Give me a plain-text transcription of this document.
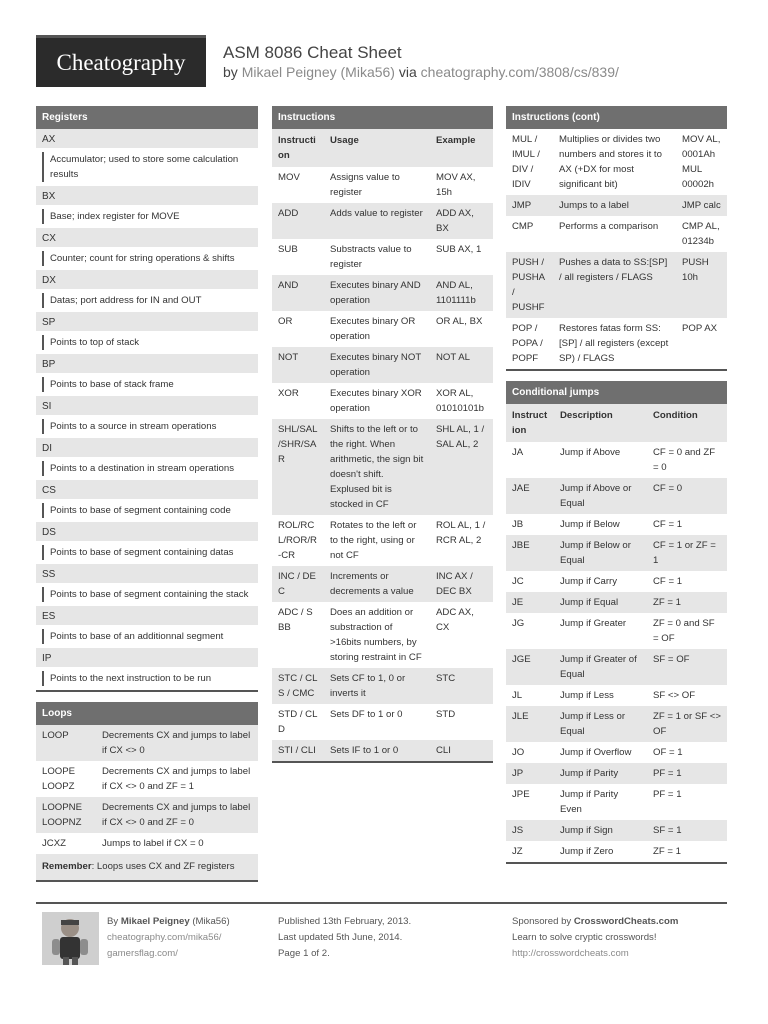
Cheatography	ASM 8086 Cheat Sheet
by Mikael Peigney (Mika56) via cheatography.com/3808/cs/839/
Registers
AX
Accumulator; used to store some calculation results
BX
Base; index register for MOVE
CX
Counter; count for string operations & shifts
DX
Datas; port address for IN and OUT
SP
Points to top of stack
BP
Points to base of stack frame
SI
Points to a source in stream operations
DI
Points to a destination in stream operations
CS
Points to base of segment containing code
DS
Points to base of segment containing datas
SS
Points to base of segment containing the stack
ES
Points to base of an additionnal segment
IP
Points to the next instruction to be run
Loops
LOOP	Decrements CX and jumps to label if CX <> 0
LOOPE
LOOPZ	Decrements CX and jumps to label if CX <> 0 and ZF = 1
LOOPNE
LOOPNZ	Decrements CX and jumps to label if CX <> 0 and ZF = 0
JCXZ	Jumps to label if CX = 0
Remember: Loops uses CX and ZF registers
Instructions
Instruction	Usage	Example
MOV	Assigns value to register	MOV AX, 15h
ADD	Adds value to register	ADD AX, BX
SUB	Substracts value to register	SUB AX, 1
AND	Executes binary AND operation	AND AL, 1101111b
OR	Executes binary OR operation	OR AL, BX
NOT	Executes binary NOT operation	NOT AL
XOR	Executes binary XOR operation	XOR AL, 01010101b
SHL/SAL /SHR/SAR	Shifts to the left or to the right. When arithmetic, the sign bit doesn't shift. Explused bit is stocked in CF	SHL AL, 1 / SAL AL, 2
ROL/RCL/ROR/R-CR	Rotates to the left or to the right, using or not CF	ROL AL, 1 / RCR AL, 2
INC / DEC	Increments or decrements a value	INC AX / DEC BX
ADC / SBB	Does an addition or substraction of >16bits numbers, by storing restraint in CF	ADC AX, CX
STC / CLS / CMC	Sets CF to 1, 0 or inverts it	STC
STD / CLD	Sets DF to 1 or 0	STD
STI / CLI	Sets IF to 1 or 0	CLI
Instructions (cont)
MUL / IMUL / DIV / IDIV	Multiplies or divides two numbers and stores it to AX (+DX for most significant bit)	MOV AL, 0001Ah MUL 00002h
JMP	Jumps to a label	JMP calc
CMP	Performs a comparison	CMP AL, 01234b
PUSH / PUSHA / PUSHF	Pushes a data to SS:[SP] / all registers / FLAGS	PUSH 10h
POP / POPA / POPF	Restores fatas form SS:[SP] / all registers (except SP) / FLAGS	POP AX
Conditional jumps
Instruction	Description	Condition
JA	Jump if Above	CF = 0 and ZF = 0
JAE	Jump if Above or Equal	CF = 0
JB	Jump if Below	CF = 1
JBE	Jump if Below or Equal	CF = 1 or ZF = 1
JC	Jump if Carry	CF = 1
JE	Jump if Equal	ZF = 1
JG	Jump if Greater	ZF = 0 and SF = OF
JGE	Jump if Greater of Equal	SF = OF
JL	Jump if Less	SF <> OF
JLE	Jump if Less or Equal	ZF = 1 or SF <> OF
JO	Jump if Overflow	OF = 1
JP	Jump if Parity	PF = 1
JPE	Jump if Parity Even	PF = 1
JS	Jump if Sign	SF = 1
JZ	Jump if Zero	ZF = 1
By Mikael Peigney (Mika56)
cheatography.com/mika56/
gamersflag.com/
Published 13th February, 2013.
Last updated 5th June, 2014.
Page 1 of 2.
Sponsored by CrosswordCheats.com
Learn to solve cryptic crosswords!
http://crosswordcheats.com
